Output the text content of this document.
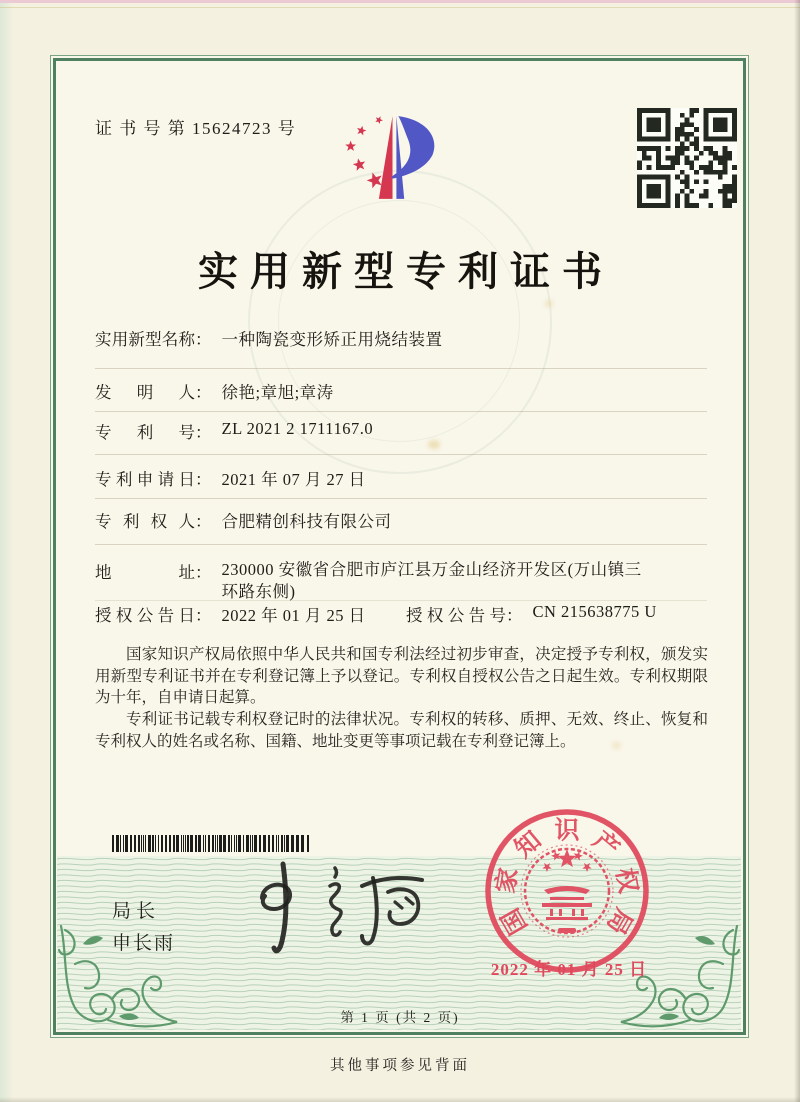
证 书 号 第 15624723 号
实用新型专利证书
实用新型名称： 一种陶瓷变形矫正用烧结装置
发明人： 徐艳;章旭;章涛
专利号： ZL 2021 2 1711167.0
专利申请日： 2021 年 07 月 27 日
专利权人： 合肥精创科技有限公司
地址： 230000 安徽省合肥市庐江县万金山经济开发区(万山镇三
环路东侧)
授权公告日： 2022 年 01 月 25 日 授权公告号： CN 215638775 U

国家知识产权局依照中华人民共和国专利法经过初步审查，决定授予专利权，颁发实用新型专利证书并在专利登记簿上予以登记。专利权自授权公告之日起生效。专利权期限为十年，自申请日起算。

专利证书记载专利权登记时的法律状况。专利权的转移、质押、无效、终止、恢复和专利权人的姓名或名称、国籍、地址变更等事项记载在专利登记簿上。

局长
申长雨
国
家
知 识 产
权
局
2022 年 01 月 25 日
第 1 页 (共 2 页)
其他事项参见背面
